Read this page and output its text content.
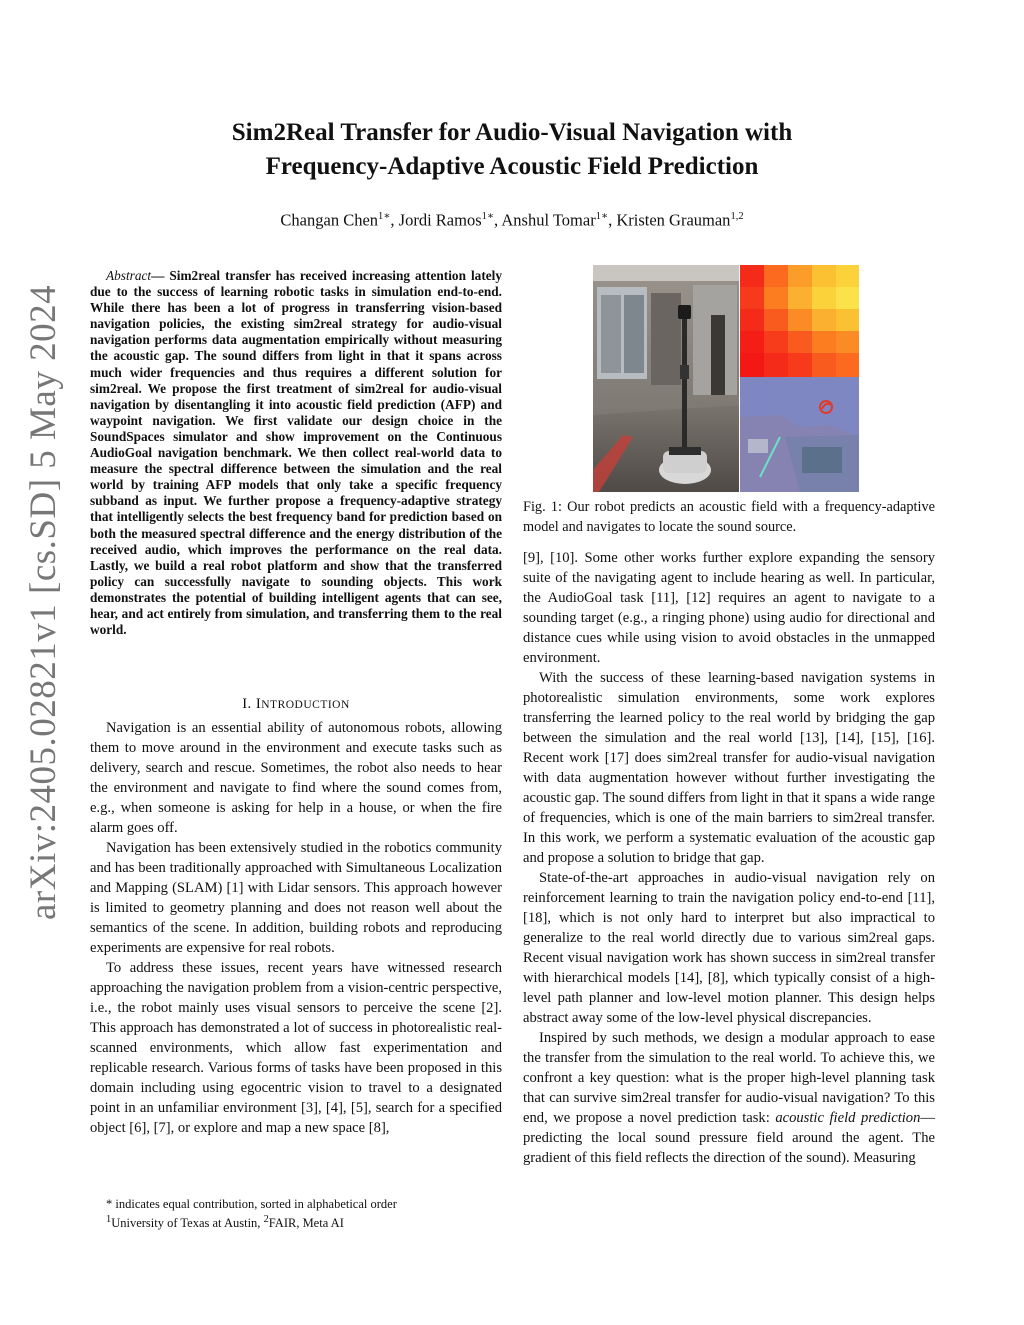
arXiv:2405.02821v1 [cs.SD] 5 May 2024
Sim2Real Transfer for Audio-Visual Navigation with
Frequency-Adaptive Acoustic Field Prediction
Changan Chen$^{1∗}$, Jordi Ramos$^{1∗}$, Anshul Tomar$^{1∗}$, Kristen Grauman$^{1,2}$
Abstract— Sim2real transfer has received increasing attention lately due to the success of learning robotic tasks in simulation end-to-end. While there has been a lot of progress in transferring vision-based navigation policies, the existing sim2real strategy for audio-visual navigation performs data augmentation empirically without measuring the acoustic gap. The sound differs from light in that it spans across much wider frequencies and thus requires a different solution for sim2real. We propose the first treatment of sim2real for audio-visual navigation by disentangling it into acoustic field prediction (AFP) and waypoint navigation. We first validate our design choice in the SoundSpaces simulator and show improvement on the Continuous AudioGoal navigation benchmark. We then collect real-world data to measure the spectral difference between the simulation and the real world by training AFP models that only take a specific frequency subband as input. We further propose a frequency-adaptive strategy that intelligently selects the best frequency band for prediction based on both the measured spectral difference and the energy distribution of the received audio, which improves the performance on the real data. Lastly, we build a real robot platform and show that the transferred policy can successfully navigate to sounding objects. This work demonstrates the potential of building intelligent agents that can see, hear, and act entirely from simulation, and transferring them to the real world.
I. INTRODUCTION

Navigation is an essential ability of autonomous robots, allowing them to move around in the environment and execute tasks such as delivery, search and rescue. Sometimes, the robot also needs to hear the environment and navigate to find where the sound comes from, e.g., when someone is asking for help in a house, or when the fire alarm goes off.

Navigation has been extensively studied in the robotics community and has been traditionally approached with Simultaneous Localization and Mapping (SLAM) [1] with Lidar sensors. This approach however is limited to geometry planning and does not reason well about the semantics of the scene. In addition, building robots and reproducing experiments are expensive for real robots.

To address these issues, recent years have witnessed research approaching the navigation problem from a vision-centric perspective, i.e., the robot mainly uses visual sensors to perceive the scene [2]. This approach has demonstrated a lot of success in photorealistic real-scanned environments, which allow fast experimentation and replicable research. Various forms of tasks have been proposed in this domain including using egocentric vision to travel to a designated point in an unfamiliar environment [3], [4], [5], search for a specified object [6], [7], or explore and map a new space [8],

* indicates equal contribution, sorted in alphabetical order

$^1$University of Texas at Austin, $^2$FAIR, Meta AI

Fig. 1: Our robot predicts an acoustic field with a frequency-adaptive model and navigates to locate the sound source.

[9], [10]. Some other works further explore expanding the sensory suite of the navigating agent to include hearing as well. In particular, the AudioGoal task [11], [12] requires an agent to navigate to a sounding target (e.g., a ringing phone) using audio for directional and distance cues while using vision to avoid obstacles in the unmapped environment.

With the success of these learning-based navigation systems in photorealistic simulation environments, some work explores transferring the learned policy to the real world by bridging the gap between the simulation and the real world [13], [14], [15], [16]. Recent work [17] does sim2real transfer for audio-visual navigation with data augmentation however without further investigating the acoustic gap. The sound differs from light in that it spans a wide range of frequencies, which is one of the main barriers to sim2real transfer. In this work, we perform a systematic evaluation of the acoustic gap and propose a solution to bridge that gap.

State-of-the-art approaches in audio-visual navigation rely on reinforcement learning to train the navigation policy end-to-end [11], [18], which is not only hard to interpret but also impractical to generalize to the real world directly due to various sim2real gaps. Recent visual navigation work has shown success in sim2real transfer with hierarchical models [14], [8], which typically consist of a high-level path planner and low-level motion planner. This design helps abstract away some of the low-level physical discrepancies.

Inspired by such methods, we design a modular approach to ease the transfer from the simulation to the real world. To achieve this, we confront a key question: what is the proper high-level planning task that can survive sim2real transfer for audio-visual navigation? To this end, we propose a novel prediction task: acoustic field prediction—predicting the local sound pressure field around the agent. The gradient of this field reflects the direction of the sound). Measuring
